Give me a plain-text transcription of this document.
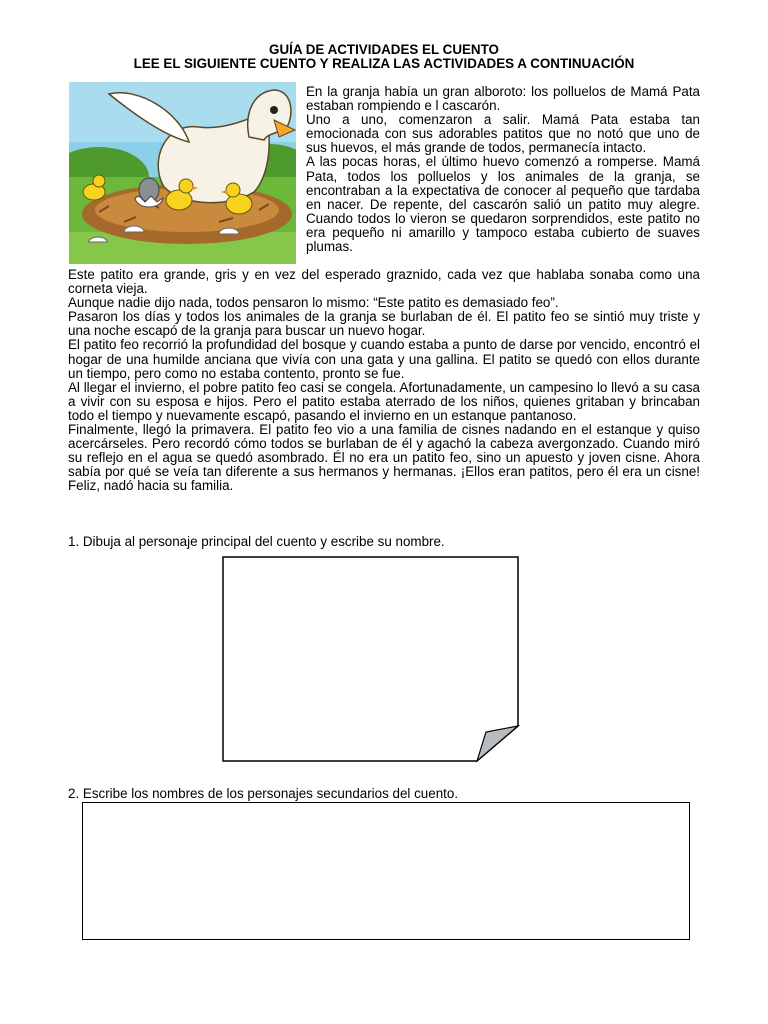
GUÍA DE ACTIVIDADES EL CUENTO
LEE EL SIGUIENTE CUENTO Y REALIZA LAS ACTIVIDADES A CONTINUACIÓN

En la granja había un gran alboroto: los polluelos de Mamá Pata estaban rompiendo e l cascarón.

Uno a uno, comenzaron a salir. Mamá Pata estaba tan emocionada con sus adorables patitos que no notó que uno de sus huevos, el más grande de todos, permanecía intacto.

A las pocas horas, el último huevo comenzó a romperse. Mamá Pata, todos los polluelos y los animales de la granja, se encontraban a la expectativa de conocer al pequeño que tardaba en nacer. De repente, del cascarón salió un patito muy alegre. Cuando todos lo vieron se quedaron sorprendidos, este patito no era pequeño ni amarillo y tampoco estaba cubierto de suaves plumas.

Este patito era grande, gris y en vez del esperado graznido, cada vez que hablaba sonaba como una corneta vieja.

Aunque nadie dijo nada, todos pensaron lo mismo: “Este patito es demasiado feo”.

Pasaron los días y todos los animales de la granja se burlaban de él. El patito feo se sintió muy triste y una noche escapó de la granja para buscar un nuevo hogar.

El patito feo recorrió la profundidad del bosque y cuando estaba a punto de darse por vencido, encontró el hogar de una humilde anciana que vivía con una gata y una gallina. El patito se quedó con ellos durante un tiempo, pero como no estaba contento, pronto se fue.

Al llegar el invierno, el pobre patito feo casi se congela. Afortunadamente, un campesino lo llevó a su casa a vivir con su esposa e hijos. Pero el patito estaba aterrado de los niños, quienes gritaban y brincaban todo el tiempo y nuevamente escapó, pasando el invierno en un estanque pantanoso.

Finalmente, llegó la primavera. El patito feo vio a una familia de cisnes nadando en el estanque y quiso acercárseles. Pero recordó cómo todos se burlaban de él y agachó la cabeza avergonzado. Cuando miró su reflejo en el agua se quedó asombrado. Él no era un patito feo, sino un apuesto y joven cisne. Ahora sabía por qué se veía tan diferente a sus hermanos y hermanas. ¡Ellos eran patitos, pero él era un cisne! Feliz, nadó hacia su familia.

1. Dibuja al personaje principal del cuento y escribe su nombre.
2. Escribe los nombres de los personajes secundarios del cuento.
